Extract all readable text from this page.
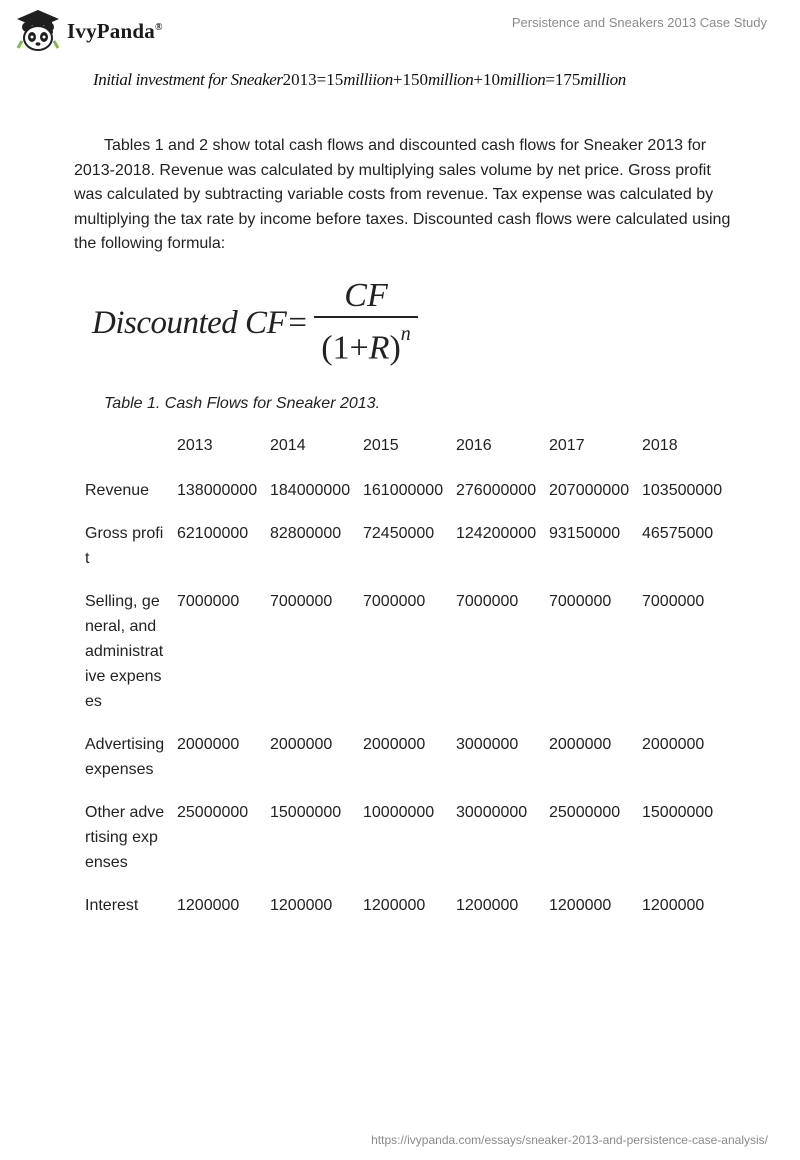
IvyPanda®	Persistence and Sneakers 2013 Case Study
Initial investment for Sneaker2013=15milliion+150million+10million=175million
Tables 1 and 2 show total cash flows and discounted cash flows for Sneaker 2013 for 2013-2018. Revenue was calculated by multiplying sales volume by net price. Gross profit was calculated by subtracting variable costs from revenue. Tax expense was calculated by multiplying the tax rate by income before taxes. Discounted cash flows were calculated using the following formula:
Discounted $CF= \frac{CF}{(1+R)^n}$
Table 1. Cash Flows for Sneaker 2013.
	2013	2014	2015	2016	2017	2018
Revenue	138000000	184000000	161000000	276000000	207000000	103500000
Gross profit	62100000	82800000	72450000	124200000	93150000	46575000
Selling, general, and administrative expenses	7000000	7000000	7000000	7000000	7000000	7000000
Advertising expenses	2000000	2000000	2000000	3000000	2000000	2000000
Other advertising expenses	25000000	15000000	10000000	30000000	25000000	15000000
Interest	1200000	1200000	1200000	1200000	1200000	1200000
https://ivypanda.com/essays/sneaker-2013-and-persistence-case-analysis/
